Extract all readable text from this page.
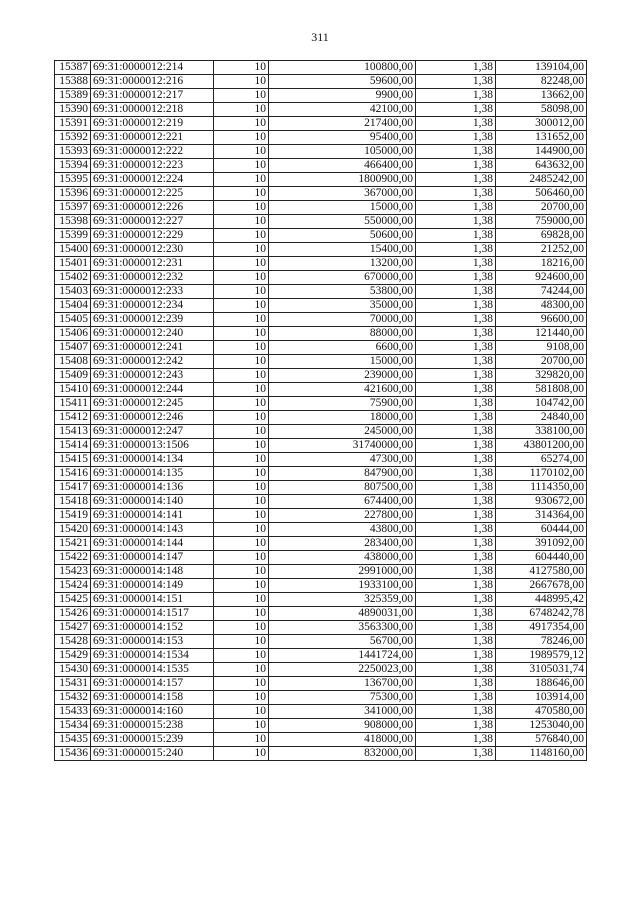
311
15387	69:31:0000012:214	10	100800,00	1,38	139104,00
15388	69:31:0000012:216	10	59600,00	1,38	82248,00
15389	69:31:0000012:217	10	9900,00	1,38	13662,00
15390	69:31:0000012:218	10	42100,00	1,38	58098,00
15391	69:31:0000012:219	10	217400,00	1,38	300012,00
15392	69:31:0000012:221	10	95400,00	1,38	131652,00
15393	69:31:0000012:222	10	105000,00	1,38	144900,00
15394	69:31:0000012:223	10	466400,00	1,38	643632,00
15395	69:31:0000012:224	10	1800900,00	1,38	2485242,00
15396	69:31:0000012:225	10	367000,00	1,38	506460,00
15397	69:31:0000012:226	10	15000,00	1,38	20700,00
15398	69:31:0000012:227	10	550000,00	1,38	759000,00
15399	69:31:0000012:229	10	50600,00	1,38	69828,00
15400	69:31:0000012:230	10	15400,00	1,38	21252,00
15401	69:31:0000012:231	10	13200,00	1,38	18216,00
15402	69:31:0000012:232	10	670000,00	1,38	924600,00
15403	69:31:0000012:233	10	53800,00	1,38	74244,00
15404	69:31:0000012:234	10	35000,00	1,38	48300,00
15405	69:31:0000012:239	10	70000,00	1,38	96600,00
15406	69:31:0000012:240	10	88000,00	1,38	121440,00
15407	69:31:0000012:241	10	6600,00	1,38	9108,00
15408	69:31:0000012:242	10	15000,00	1,38	20700,00
15409	69:31:0000012:243	10	239000,00	1,38	329820,00
15410	69:31:0000012:244	10	421600,00	1,38	581808,00
15411	69:31:0000012:245	10	75900,00	1,38	104742,00
15412	69:31:0000012:246	10	18000,00	1,38	24840,00
15413	69:31:0000012:247	10	245000,00	1,38	338100,00
15414	69:31:0000013:1506	10	31740000,00	1,38	43801200,00
15415	69:31:0000014:134	10	47300,00	1,38	65274,00
15416	69:31:0000014:135	10	847900,00	1,38	1170102,00
15417	69:31:0000014:136	10	807500,00	1,38	1114350,00
15418	69:31:0000014:140	10	674400,00	1,38	930672,00
15419	69:31:0000014:141	10	227800,00	1,38	314364,00
15420	69:31:0000014:143	10	43800,00	1,38	60444,00
15421	69:31:0000014:144	10	283400,00	1,38	391092,00
15422	69:31:0000014:147	10	438000,00	1,38	604440,00
15423	69:31:0000014:148	10	2991000,00	1,38	4127580,00
15424	69:31:0000014:149	10	1933100,00	1,38	2667678,00
15425	69:31:0000014:151	10	325359,00	1,38	448995,42
15426	69:31:0000014:1517	10	4890031,00	1,38	6748242,78
15427	69:31:0000014:152	10	3563300,00	1,38	4917354,00
15428	69:31:0000014:153	10	56700,00	1,38	78246,00
15429	69:31:0000014:1534	10	1441724,00	1,38	1989579,12
15430	69:31:0000014:1535	10	2250023,00	1,38	3105031,74
15431	69:31:0000014:157	10	136700,00	1,38	188646,00
15432	69:31:0000014:158	10	75300,00	1,38	103914,00
15433	69:31:0000014:160	10	341000,00	1,38	470580,00
15434	69:31:0000015:238	10	908000,00	1,38	1253040,00
15435	69:31:0000015:239	10	418000,00	1,38	576840,00
15436	69:31:0000015:240	10	832000,00	1,38	1148160,00
